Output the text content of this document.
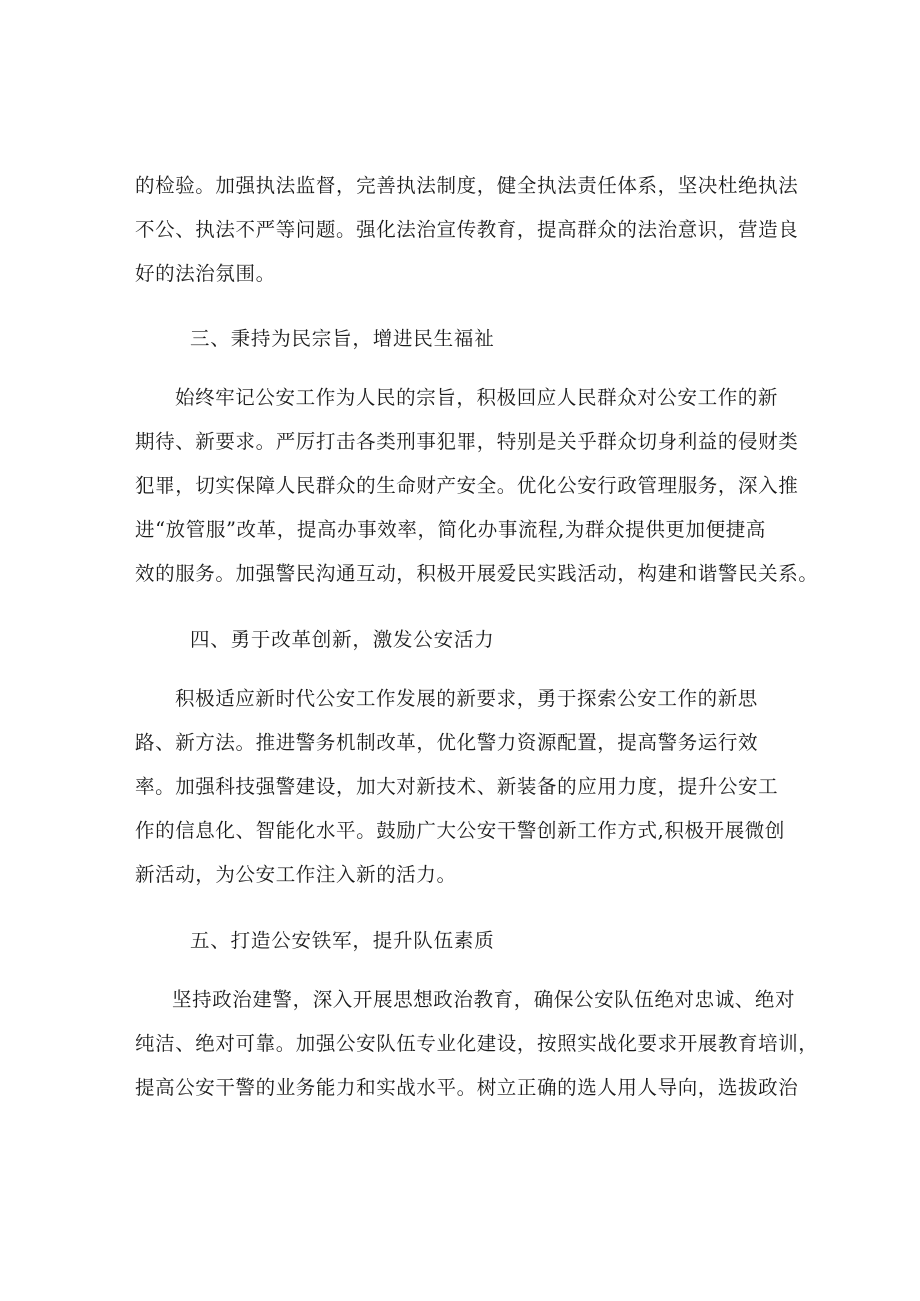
的检验。加强执法监督，完善执法制度，健全执法责任体系，坚决杜绝执法
不公、执法不严等问题。强化法治宣传教育，提高群众的法治意识，营造良
好的法治氛围。
三、秉持为民宗旨，增进民生福祉
始终牢记公安工作为人民的宗旨，积极回应人民群众对公安工作的新
期待、新要求。严厉打击各类刑事犯罪，特别是关乎群众切身利益的侵财类
犯罪，切实保障人民群众的生命财产安全。优化公安行政管理服务，深入推
进“放管服”改革，提高办事效率，简化办事流程,为群众提供更加便捷高
效的服务。加强警民沟通互动，积极开展爱民实践活动，构建和谐警民关系。
四、勇于改革创新，激发公安活力
积极适应新时代公安工作发展的新要求，勇于探索公安工作的新思
路、新方法。推进警务机制改革，优化警力资源配置，提高警务运行效
率。加强科技强警建设，加大对新技术、新装备的应用力度，提升公安工
作的信息化、智能化水平。鼓励广大公安干警创新工作方式,积极开展微创
新活动，为公安工作注入新的活力。
五、打造公安铁军，提升队伍素质
坚持政治建警，深入开展思想政治教育，确保公安队伍绝对忠诚、绝对
纯洁、绝对可靠。加强公安队伍专业化建设，按照实战化要求开展教育培训，
提高公安干警的业务能力和实战水平。树立正确的选人用人导向，选拔政治
